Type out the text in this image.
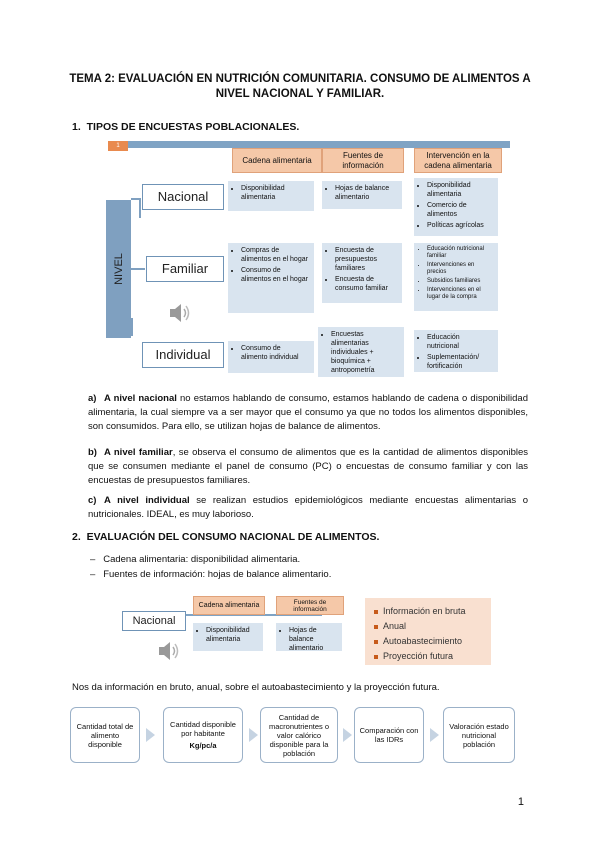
TEMA 2: EVALUACIÓN EN NUTRICIÓN COMUNITARIA. CONSUMO DE ALIMENTOS A NIVEL NACIONAL Y FAMILIAR.
1. TIPOS DE ENCUESTAS POBLACIONALES.
1
Cadena alimentaria
Fuentes de información
Intervención en la cadena alimentaria
NIVEL
Nacional
Familiar
Individual
• Disponibilidad alimentaria
• Hojas de balance alimentario
• Disponibilidad alimentaria
• Comercio de alimentos
• Políticas agrícolas
• Compras de alimentos en el hogar
• Consumo de alimentos en el hogar
• Encuesta de presupuestos familiares
• Encuesta de consumo familiar
• Educación nutricional familiar
• Intervenciones en precios
• Subsidios familiares
• Intervenciones en el lugar de la compra
• Consumo de alimento individual
• Encuestas alimentarias individuales + bioquímica + antropometría
• Educación nutricional
• Suplementación/ fortificación
a) A nivel nacional no estamos hablando de consumo, estamos hablando de cadena o disponibilidad alimentaria, la cual siempre va a ser mayor que el consumo ya que no todos los alimentos disponibles, son consumidos. Para ello, se utilizan hojas de balance de alimentos.
b) A nivel familiar, se observa el consumo de alimentos que es la cantidad de alimentos disponibles que se consumen mediante el panel de consumo (PC) o encuestas de consumo familiar y con las encuestas de presupuestos familiares.
c) A nivel individual se realizan estudios epidemiológicos mediante encuestas alimentarias o nutricionales. IDEAL, es muy laborioso.
2. EVALUACIÓN DEL CONSUMO NACIONAL DE ALIMENTOS.
–   Cadena alimentaria: disponibilidad alimentaria.
–   Fuentes de información: hojas de balance alimentario.
Nacional
Cadena alimentaria	Fuentes de información
• Disponibilidad alimentaria
• Hojas de balance alimentario
Información en bruta
Anual
Autoabastecimiento
Proyección futura
Nos da información en bruto, anual, sobre el autoabastecimiento y la proyección futura.
Cantidad total de alimento disponible
Cantidad disponible por habitante
Kg/pc/a
Cantidad de macronutrientes o valor calórico disponible para la población
Comparación con las IDRs
Valoración estado nutricional población
1
